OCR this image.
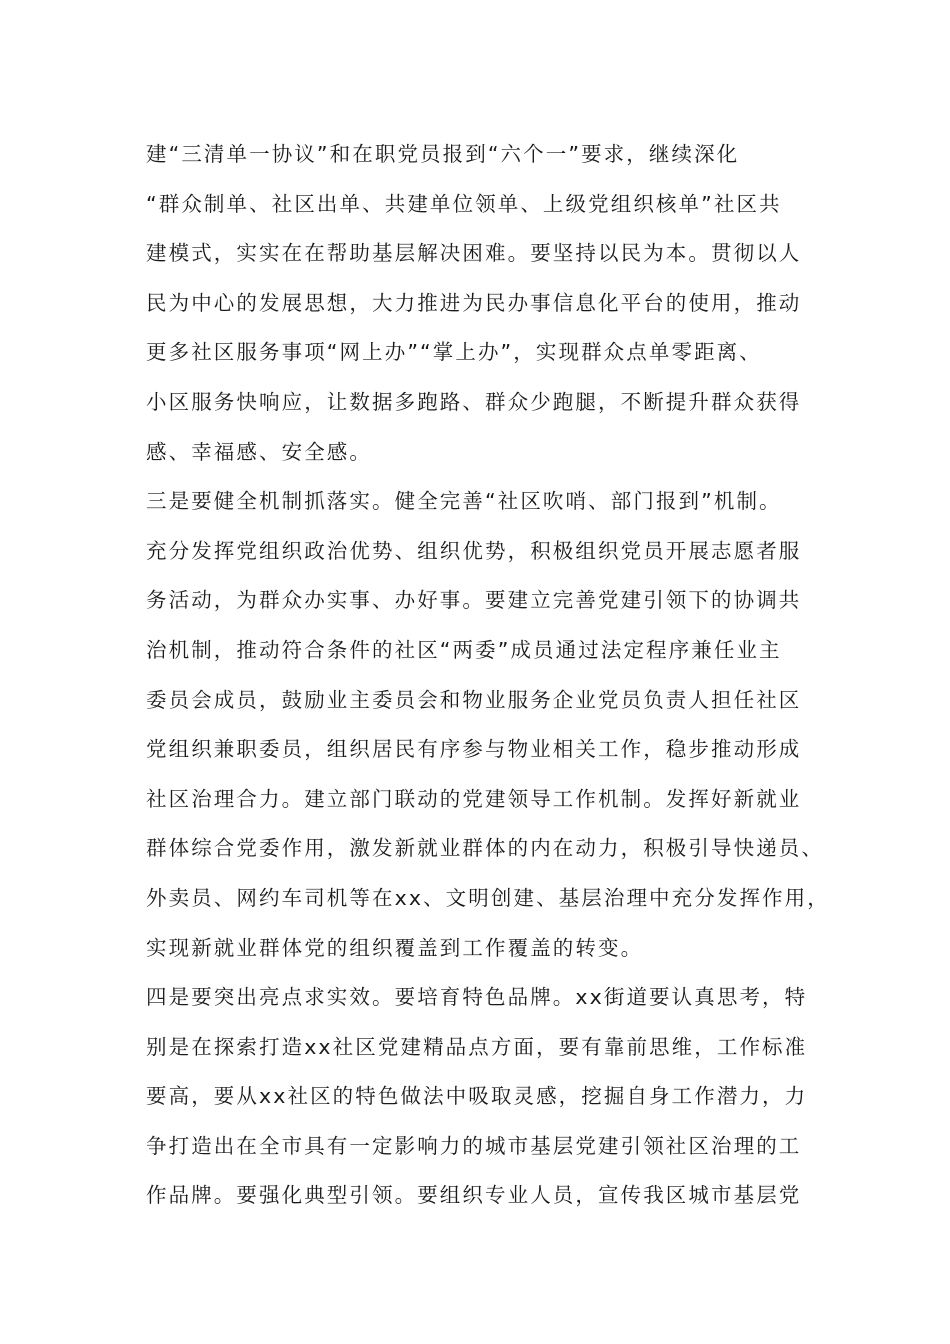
建“三清单一协议”和在职党员报到“六个一”要求，继续深化

“群众制单、社区出单、共建单位领单、上级党组织核单”社区共

建模式，实实在在帮助基层解决困难。要坚持以民为本。贯彻以人

民为中心的发展思想，大力推进为民办事信息化平台的使用，推动

更多社区服务事项“网上办”“掌上办”，实现群众点单零距离、

小区服务快响应，让数据多跑路、群众少跑腿，不断提升群众获得

感、幸福感、安全感。

三是要健全机制抓落实。健全完善“社区吹哨、部门报到”机制。

充分发挥党组织政治优势、组织优势，积极组织党员开展志愿者服

务活动，为群众办实事、办好事。要建立完善党建引领下的协调共

治机制，推动符合条件的社区“两委”成员通过法定程序兼任业主

委员会成员，鼓励业主委员会和物业服务企业党员负责人担任社区

党组织兼职委员，组织居民有序参与物业相关工作，稳步推动形成

社区治理合力。建立部门联动的党建领导工作机制。发挥好新就业

群体综合党委作用，激发新就业群体的内在动力，积极引导快递员、

外卖员、网约车司机等在xx、文明创建、基层治理中充分发挥作用，

实现新就业群体党的组织覆盖到工作覆盖的转变。

四是要突出亮点求实效。要培育特色品牌。xx街道要认真思考，特

别是在探索打造xx社区党建精品点方面，要有靠前思维，工作标准

要高，要从xx社区的特色做法中吸取灵感，挖掘自身工作潜力，力

争打造出在全市具有一定影响力的城市基层党建引领社区治理的工

作品牌。要强化典型引领。要组织专业人员，宣传我区城市基层党
